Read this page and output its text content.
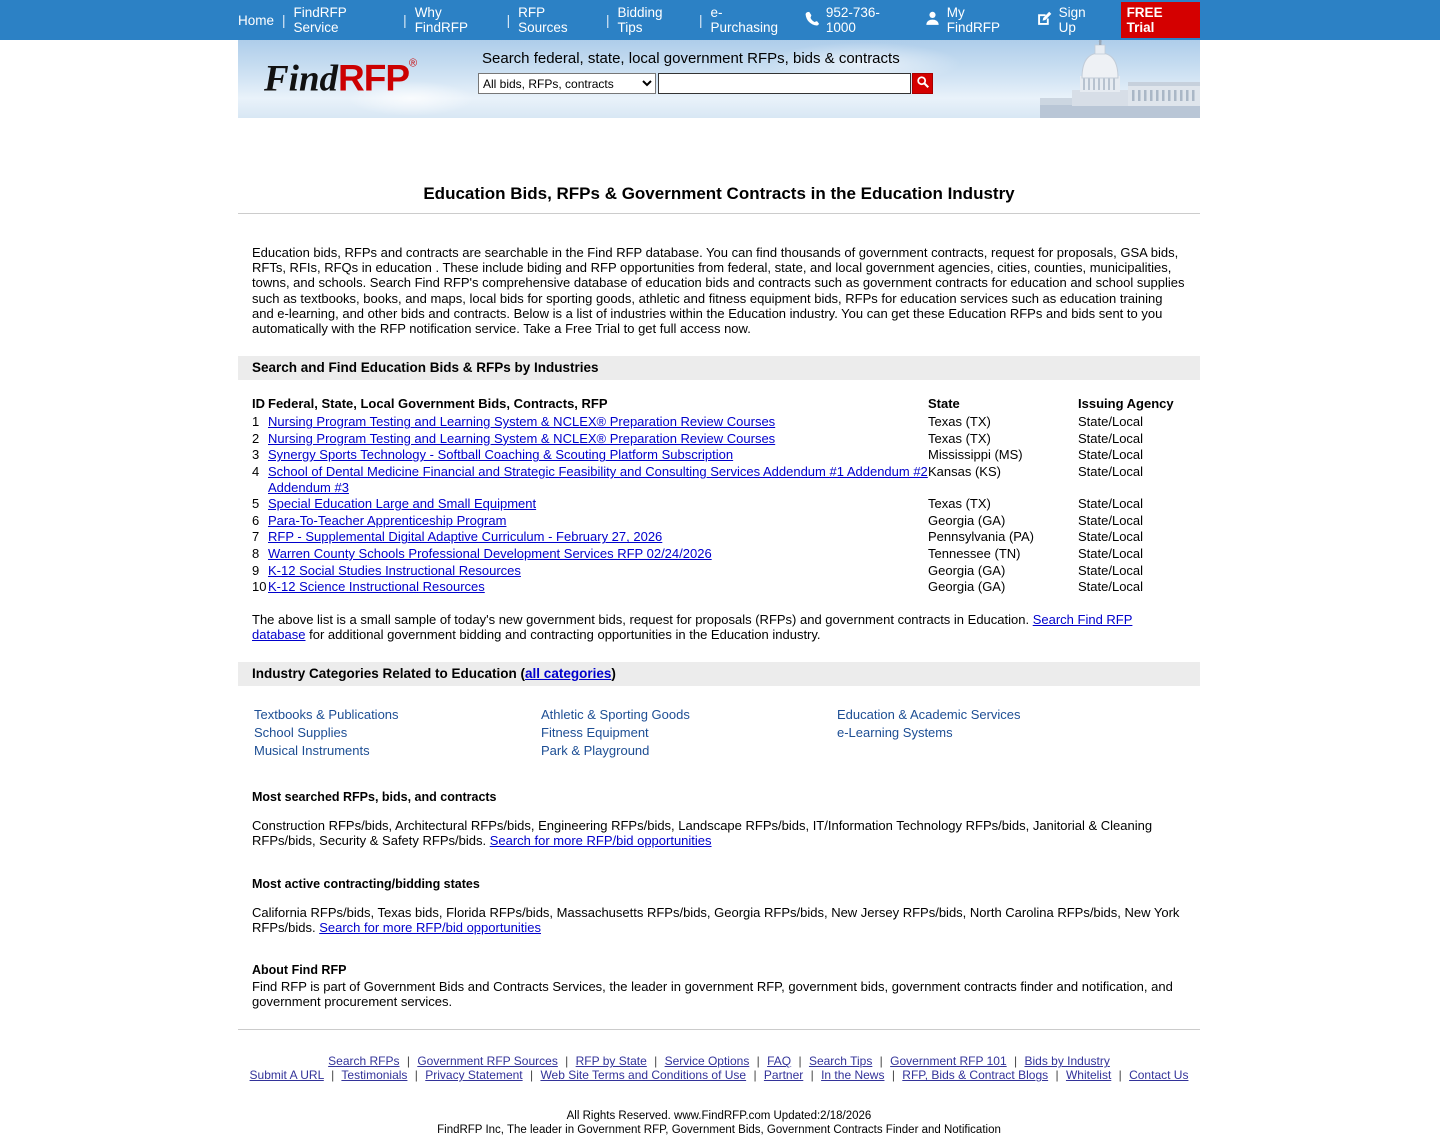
Home | FindRFP Service	| Why FindRFP	| RFP Sources	| Bidding Tips	| e-Purchasing
952-736-1000
My FindRFP
Sign Up
FREE Trial
FindRFP®	Search federal, state, local government RFPs, bids & contracts
All bids, RFPs, contracts
Education Bids, RFPs & Government Contracts in the Education Industry

Education bids, RFPs and contracts are searchable in the Find RFP database. You can find thousands of government contracts, request for proposals, GSA bids, RFTs, RFIs, RFQs in education . These include biding and RFP opportunities from federal, state, and local government agencies, cities, counties, municipalities, towns, and schools. Search Find RFP's comprehensive database of education bids and contracts such as government contracts for education and school supplies such as textbooks, books, and maps, local bids for sporting goods, athletic and fitness equipment bids, RFPs for education services such as education training and e-learning, and other bids and contracts. Below is a list of industries within the Education industry. You can get these Education RFPs and bids sent to you automatically with the RFP notification service. Take a Free Trial to get full access now.

Search and Find Education Bids & RFPs by Industries
ID	Federal, State, Local Government Bids, Contracts, RFP	State	Issuing Agency
1	Nursing Program Testing and Learning System & NCLEX® Preparation Review Courses	Texas (TX)	State/Local
2	Nursing Program Testing and Learning System & NCLEX® Preparation Review Courses	Texas (TX)	State/Local
3	Synergy Sports Technology - Softball Coaching & Scouting Platform Subscription	Mississippi (MS)	State/Local
4	School of Dental Medicine Financial and Strategic Feasibility and Consulting Services Addendum #1 Addendum #2 Addendum #3	Kansas (KS)	State/Local
5	Special Education Large and Small Equipment	Texas (TX)	State/Local
6	Para-To-Teacher Apprenticeship Program	Georgia (GA)	State/Local
7	RFP - Supplemental Digital Adaptive Curriculum - February 27, 2026	Pennsylvania (PA)	State/Local
8	Warren County Schools Professional Development Services RFP 02/24/2026	Tennessee (TN)	State/Local
9	K-12 Social Studies Instructional Resources	Georgia (GA)	State/Local
10	K-12 Science Instructional Resources	Georgia (GA)	State/Local

The above list is a small sample of today's new government bids, request for proposals (RFPs) and government contracts in Education. Search Find RFP database for additional government bidding and contracting opportunities in the Education industry.

Industry Categories Related to Education (all categories)
Textbooks & Publications
School Supplies
Musical Instruments
Athletic & Sporting Goods
Fitness Equipment
Park & Playground
Education & Academic Services
e-Learning Systems
Most searched RFPs, bids, and contracts

Construction RFPs/bids, Architectural RFPs/bids, Engineering RFPs/bids, Landscape RFPs/bids, IT/Information Technology RFPs/bids, Janitorial & Cleaning RFPs/bids, Security & Safety RFPs/bids. Search for more RFP/bid opportunities

Most active contracting/bidding states

California RFPs/bids, Texas bids, Florida RFPs/bids, Massachusetts RFPs/bids, Georgia RFPs/bids, New Jersey RFPs/bids, North Carolina RFPs/bids, New York RFPs/bids. Search for more RFP/bid opportunities

About Find RFP

Find RFP is part of Government Bids and Contracts Services, the leader in government RFP, government bids, government contracts finder and notification, and government procurement services.

Search RFPs | Government RFP Sources | RFP by State | Service Options | FAQ | Search Tips | Government RFP 101 | Bids by Industry
Submit A URL | Testimonials | Privacy Statement | Web Site Terms and Conditions of Use | Partner | In the News | RFP, Bids & Contract Blogs | Whitelist | Contact Us
All Rights Reserved. www.FindRFP.com Updated:2/18/2026
FindRFP Inc, The leader in Government RFP, Government Bids, Government Contracts Finder and Notification
